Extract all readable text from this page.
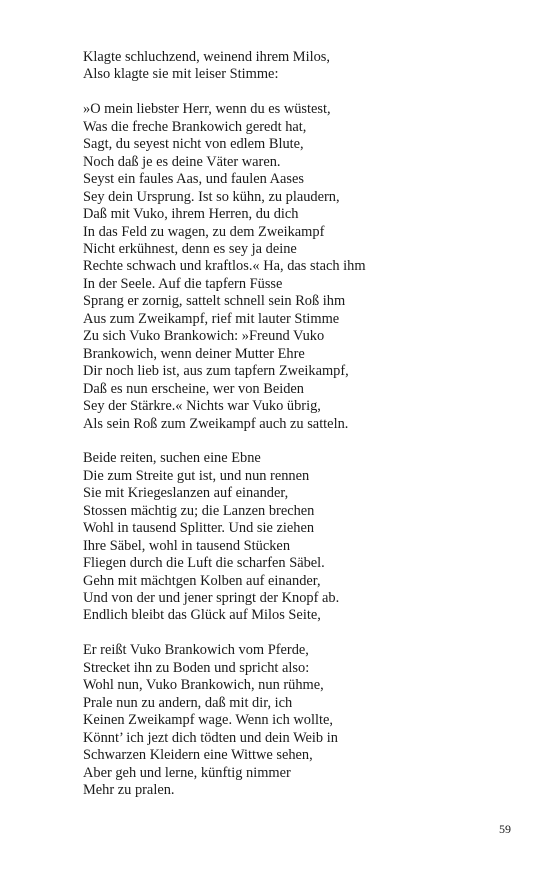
Klagte schluchzend, weinend ihrem Milos,
Also klagte sie mit leiser Stimme:
»O mein liebster Herr, wenn du es wüstest,
Was die freche Brankowich geredt hat,
Sagt, du seyest nicht von edlem Blute,
Noch daß je es deine Väter waren.
Seyst ein faules Aas, und faulen Aases
Sey dein Ursprung. Ist so kühn, zu plaudern,
Daß mit Vuko, ihrem Herren, du dich
In das Feld zu wagen, zu dem Zweikampf
Nicht erkühnest, denn es sey ja deine
Rechte schwach und kraftlos.« Ha, das stach ihm
In der Seele. Auf die tapfern Füsse
Sprang er zornig, sattelt schnell sein Roß ihm
Aus zum Zweikampf, rief mit lauter Stimme
Zu sich Vuko Brankowich: »Freund Vuko
Brankowich, wenn deiner Mutter Ehre
Dir noch lieb ist, aus zum tapfern Zweikampf,
Daß es nun erscheine, wer von Beiden
Sey der Stärkre.« Nichts war Vuko übrig,
Als sein Roß zum Zweikampf auch zu satteln.
Beide reiten, suchen eine Ebne
Die zum Streite gut ist, und nun rennen
Sie mit Kriegeslanzen auf einander,
Stossen mächtig zu; die Lanzen brechen
Wohl in tausend Splitter. Und sie ziehen
Ihre Säbel, wohl in tausend Stücken
Fliegen durch die Luft die scharfen Säbel.
Gehn mit mächtgen Kolben auf einander,
Und von der und jener springt der Knopf ab.
Endlich bleibt das Glück auf Milos Seite,
Er reißt Vuko Brankowich vom Pferde,
Strecket ihn zu Boden und spricht also:
Wohl nun, Vuko Brankowich, nun rühme,
Prale nun zu andern, daß mit dir, ich
Keinen Zweikampf wage. Wenn ich wollte,
Könnt’ ich jezt dich tödten und dein Weib in
Schwarzen Kleidern eine Wittwe sehen,
Aber geh und lerne, künftig nimmer
Mehr zu pralen.
59
